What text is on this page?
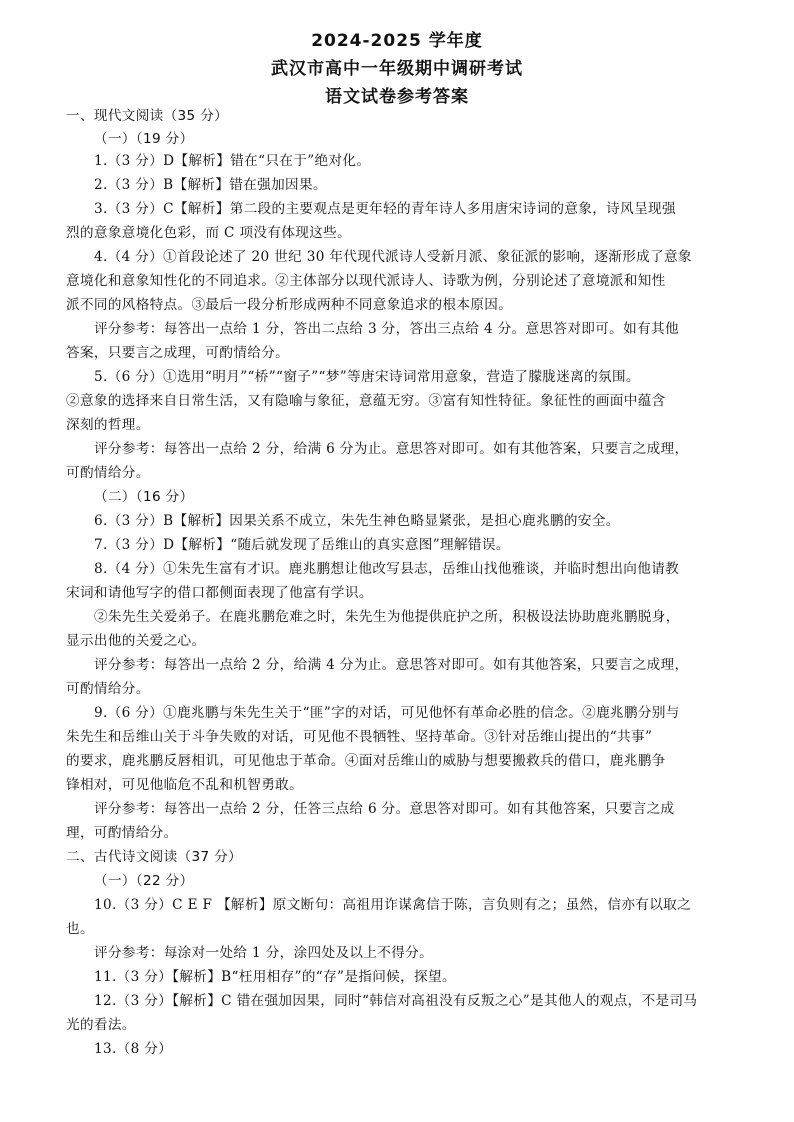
2024-2025 学年度
武汉市高中一年级期中调研考试
语文试卷参考答案
一、现代文阅读（35 分）
（一）（19 分）
1.（3 分）D【解析】错在“只在于”绝对化。
2.（3 分）B【解析】错在强加因果。
3.（3 分）C【解析】第二段的主要观点是更年轻的青年诗人多用唐宋诗词的意象，诗风呈现强
烈的意象意境化色彩，而 C 项没有体现这些。
4.（4 分）①首段论述了 20 世纪 30 年代现代派诗人受新月派、象征派的影响，逐渐形成了意象
意境化和意象知性化的不同追求。②主体部分以现代派诗人、诗歌为例，分别论述了意境派和知性
派不同的风格特点。③最后一段分析形成两种不同意象追求的根本原因。
评分参考：每答出一点给 1 分，答出二点给 3 分，答出三点给 4 分。意思答对即可。如有其他
答案，只要言之成理，可酌情给分。
5.（6 分）①选用“明月”“桥”“窗子”“梦”等唐宋诗词常用意象，营造了朦胧迷离的氛围。
②意象的选择来自日常生活，又有隐喻与象征，意蕴无穷。③富有知性特征。象征性的画面中蕴含
深刻的哲理。
评分参考：每答出一点给 2 分，给满 6 分为止。意思答对即可。如有其他答案，只要言之成理，
可酌情给分。
（二）（16 分）
6.（3 分）B【解析】因果关系不成立，朱先生神色略显紧张，是担心鹿兆鹏的安全。
7.（3 分）D【解析】“随后就发现了岳维山的真实意图”理解错误。
8.（4 分）①朱先生富有才识。鹿兆鹏想让他改写县志，岳维山找他雅谈，并临时想出向他请教
宋词和请他写字的借口都侧面表现了他富有学识。
②朱先生关爱弟子。在鹿兆鹏危难之时，朱先生为他提供庇护之所，积极设法协助鹿兆鹏脱身，
显示出他的关爱之心。
评分参考：每答出一点给 2 分，给满 4 分为止。意思答对即可。如有其他答案，只要言之成理，
可酌情给分。
9.（6 分）①鹿兆鹏与朱先生关于“匪”字的对话，可见他怀有革命必胜的信念。②鹿兆鹏分别与
朱先生和岳维山关于斗争失败的对话，可见他不畏牺牲、坚持革命。③针对岳维山提出的“共事”
的要求，鹿兆鹏反唇相讥，可见他忠于革命。④面对岳维山的威胁与想要搬救兵的借口，鹿兆鹏争
锋相对，可见他临危不乱和机智勇敢。
评分参考：每答出一点给 2 分，任答三点给 6 分。意思答对即可。如有其他答案，只要言之成
理，可酌情给分。
二、古代诗文阅读（37 分）
（一）（22 分）
10.（3 分）C E F 【解析】原文断句：高祖用诈谋禽信于陈，言负则有之；虽然，信亦有以取之
也。
评分参考：每涂对一处给 1 分，涂四处及以上不得分。
11.（3 分）【解析】B“枉用相存”的“存”是指问候，探望。
12.（3 分）【解析】C 错在强加因果，同时“韩信对高祖没有反叛之心”是其他人的观点，不是司马
光的看法。
13.（8 分）
